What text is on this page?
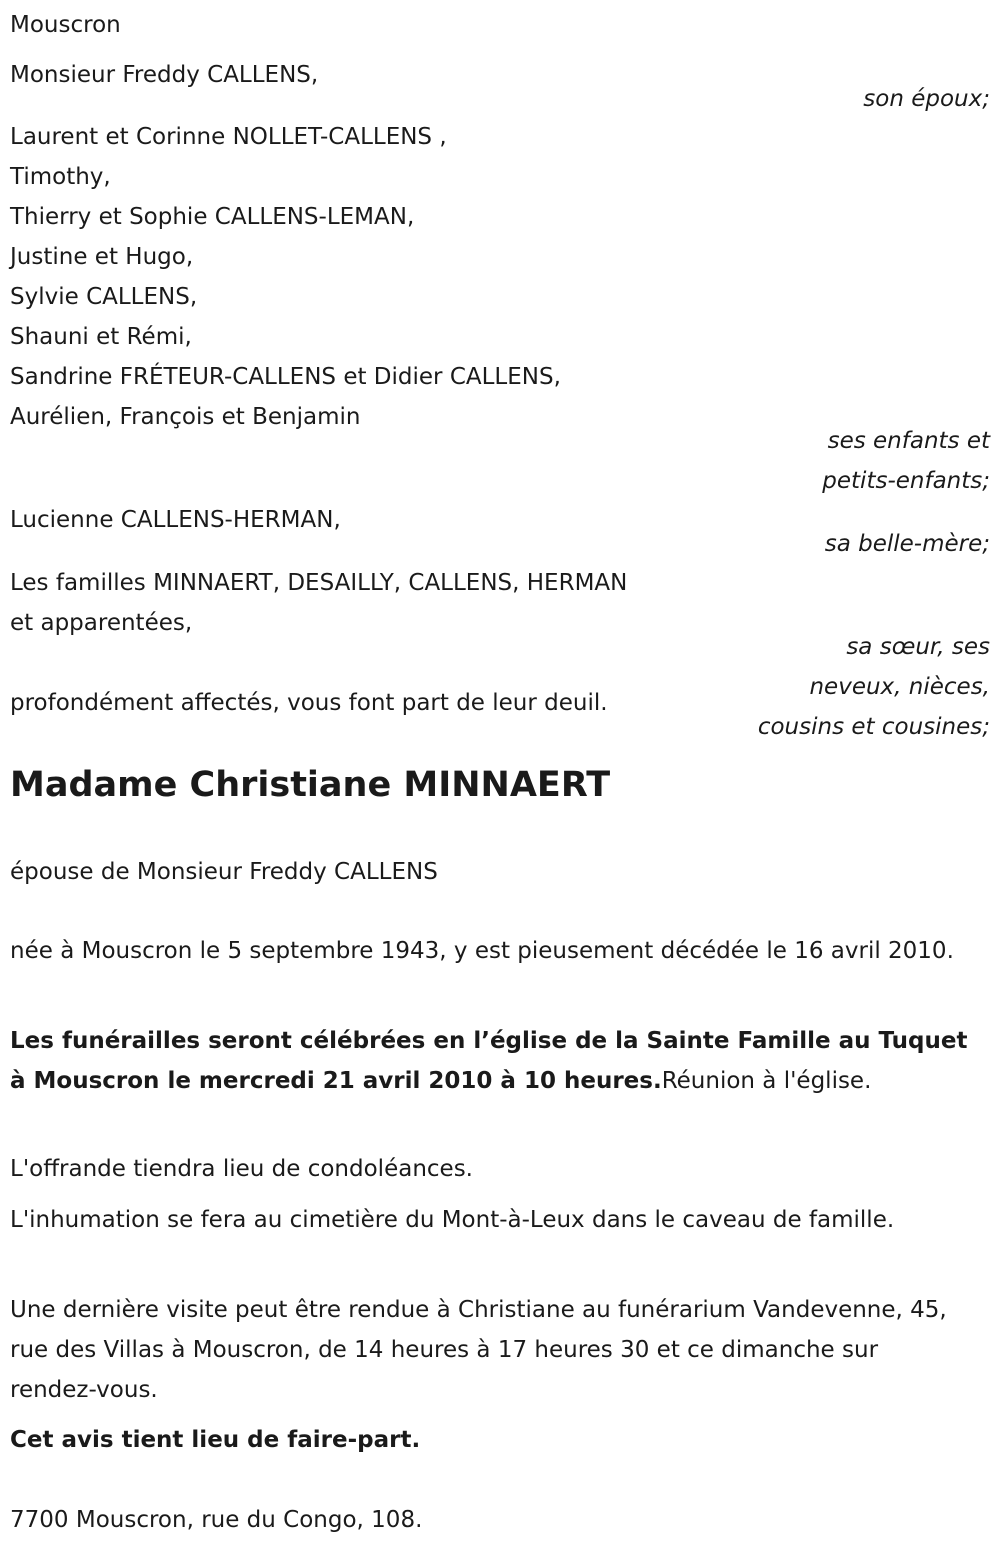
Mouscron
Monsieur Freddy CALLENS,
son époux;
Laurent et Corinne NOLLET-CALLENS ,
Timothy,
Thierry et Sophie CALLENS-LEMAN,
Justine et Hugo,
Sylvie CALLENS,
Shauni et Rémi,
Sandrine FRÉTEUR-CALLENS et Didier CALLENS,
Aurélien, François et Benjamin
ses enfants et
petits-enfants;
Lucienne CALLENS-HERMAN,
sa belle-mère;
Les familles MINNAERT, DESAILLY, CALLENS, HERMAN
et apparentées,
sa sœur, ses
neveux, nièces,
cousins et cousines;
profondément affectés, vous font part de leur deuil.
Madame Christiane MINNAERT
épouse de Monsieur Freddy CALLENS
née à Mouscron le 5 septembre 1943, y est pieusement décédée le 16 avril 2010.
Les funérailles seront célébrées en l’église de la Sainte Famille au Tuquet à Mouscron le mercredi 21 avril 2010 à 10 heures.Réunion à l'église.
L'offrande tiendra lieu de condoléances.
L'inhumation se fera au cimetière du Mont-à-Leux dans le caveau de famille.
Une dernière visite peut être rendue à Christiane au funérarium Vandevenne, 45, rue des Villas à Mouscron, de 14 heures à 17 heures 30 et ce dimanche sur rendez-vous.
Cet avis tient lieu de faire-part.
7700 Mouscron, rue du Congo, 108.
